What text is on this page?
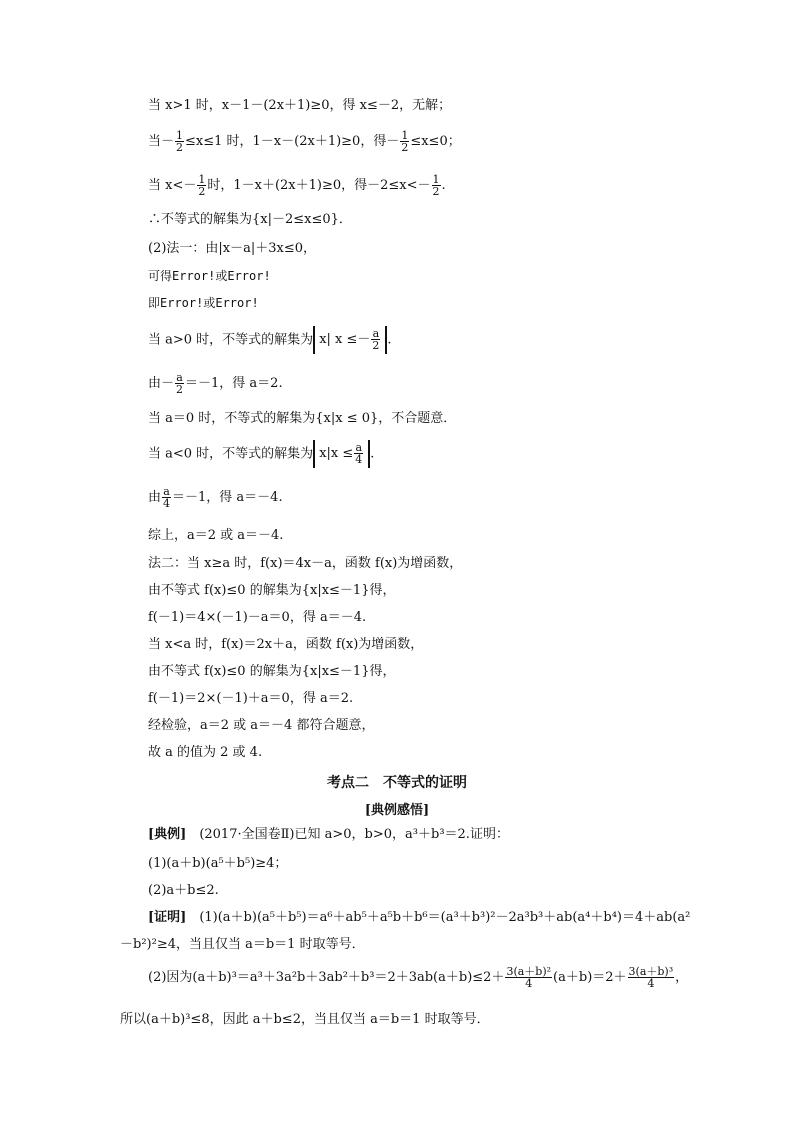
当 x>1 时，x－1－(2x＋1)≥0，得 x≤－2，无解；
当－ $\frac{1}{2} \le x\le 1$ 时，1－x－(2x＋1)≥0，得－ $\frac{1}{2} \le x\le 0$；
当 $x<- \frac{1}{2}$ 时，1－x＋(2x＋1)≥0，得$-2\le x<- \frac{1}{2}$ .
∴不等式的解集为{x|－2≤x≤0}．
(2)法一：由|x－a|＋3x≤0，
可得Error!或Error!
即Error!或Error!
当 a>0 时，不等式的解集为 x| $x \le- \frac{a}{2}$ .
由－ $\frac{a}{2} =-1$，得 a＝2.
当 a＝0 时，不等式的解集为{x|x ≤ 0}，不合题意．
当 a<0 时，不等式的解集为 $x|x \le \frac{a}{4}$ .
由 $\frac{a}{4} =-1$，得 a＝－4.
综上，a＝2 或 a＝－4.
法二：当 x≥a 时，f(x)＝4x－a，函数 f(x)为增函数，
由不等式 f(x)≤0 的解集为{x|x≤－1}得，
f(－1)＝4×(－1)－a＝0，得 a＝－4.
当 x<a 时，f(x)＝2x＋a，函数 f(x)为增函数，
由不等式 f(x)≤0 的解集为{x|x≤－1}得，
f(－1)＝2×(－1)＋a＝0，得 a＝2.
经检验，a＝2 或 a＝－4 都符合题意，
故 a 的值为 2 或 4.
考点二　不等式的证明
[典例感悟]
[典例]　(2017·全国卷Ⅱ)已知 a>0，b>0，a³＋b³＝2.证明：
(1)(a＋b)(a⁵＋b⁵)≥4；
(2)a＋b≤2.
[证明]　(1)(a＋b)(a⁵＋b⁵)＝a⁶＋ab⁵＋a⁵b＋b⁶＝(a³＋b³)²－2a³b³＋ab(a⁴＋b⁴)＝4＋ab(a²
－b²)²≥4，当且仅当 a＝b＝1 时取等号．
(2)因为$(a+b)^3=a^3+3a^2b+3ab^2+b^3=2+3ab(a+b)\le 2+ \frac{\text{3(a＋b)²}}{4} (a+b)=2+ \frac{\text{3(a＋b)³}}{4}$ ，
所以(a＋b)³≤8，因此 a＋b≤2，当且仅当 a＝b＝1 时取等号．
